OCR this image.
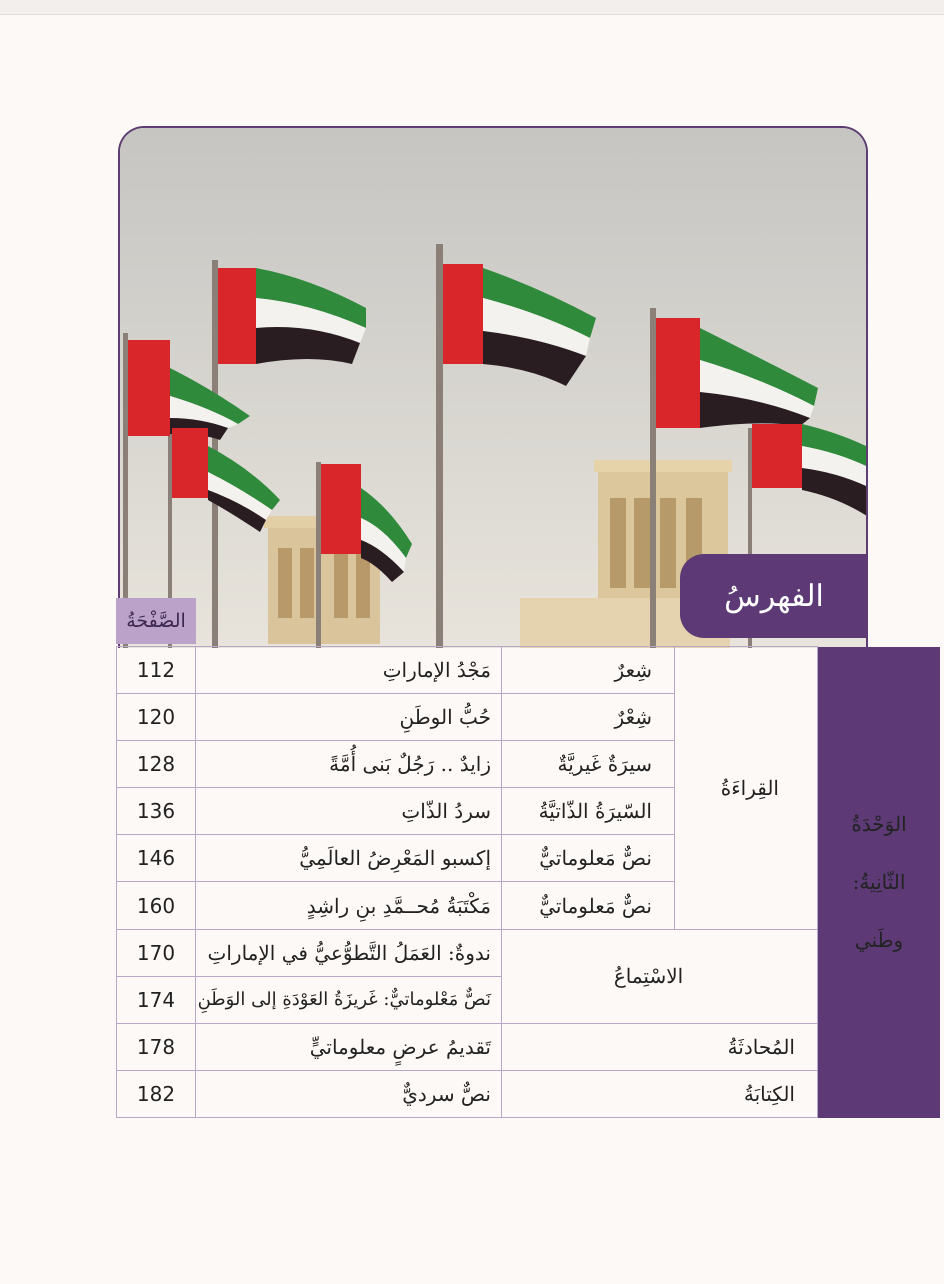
الفهرسُ
الصَّفْحَةُ
112	مَجْدُ الإماراتِ	شِعرٌ	القِراءَةُ	الوَحْدَةُ
الثّانِيةُ:
وطَني

120	حُبُّ الوطَنِ	شِعْرٌ		
128	زايدٌ .. رَجُلٌ بَنى أُمَّةً	سيرَةٌ غَيريَّةٌ		
136	سردُ الذّاتِ	السّيرَةُ الذّاتيَّةُ		
146	إكسبو المَعْرِضُ العالَمِيُّ	نصٌّ مَعلوماتيٌّ		
160	مَكْتَبَةُ مُحــمَّدِ بنِ راشِدٍ	نصٌّ مَعلوماتيٌّ		
170	ندوةٌ: العَمَلُ التَّطوُّعيُّ في الإماراتِ	الاسْتِماعُ		
174	نَصٌّ مَعْلوماتيٌّ: غَريزَةُ العَوْدَةِ إلى الوَطَنِ			
178	تَقديمُ عرضٍ معلوماتيٍّ	المُحادثَةُ		
182	نصٌّ سرديٌّ	الكِتابَةُ		
